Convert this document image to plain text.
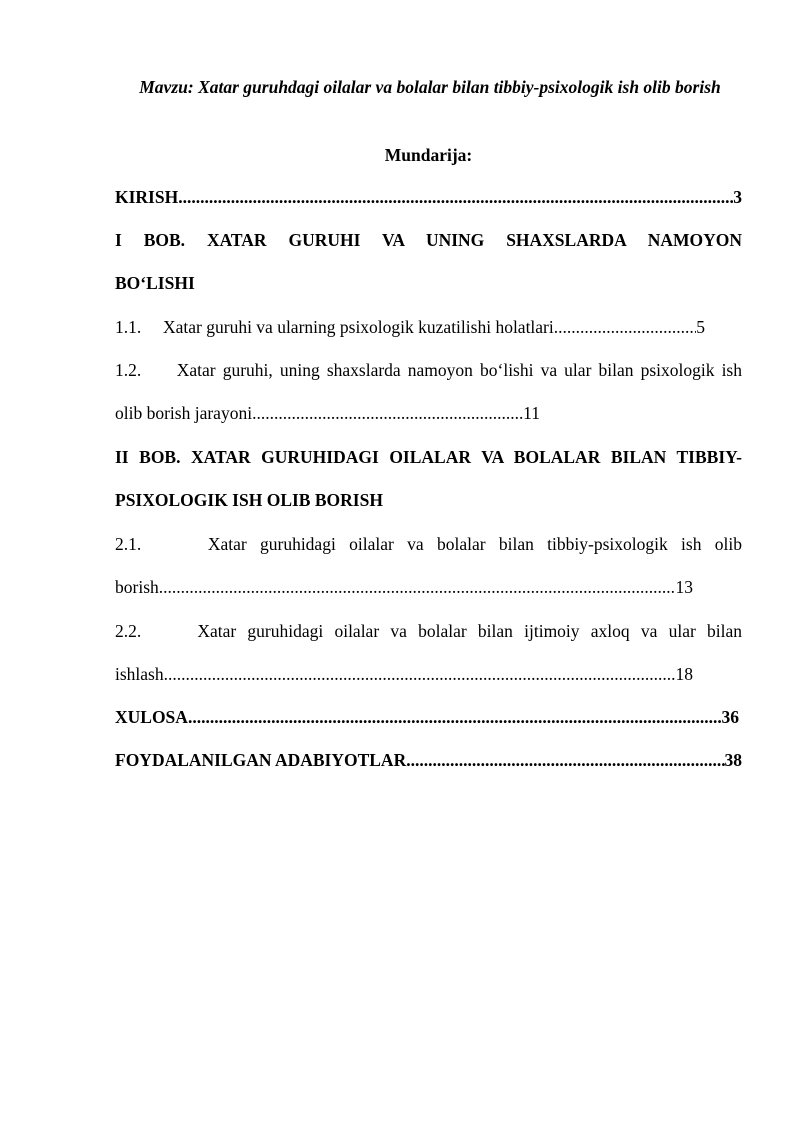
Mavzu: Xatar guruhdagi oilalar va bolalar bilan tibbiy-psixologik ish olib borish
Mundarija:
KIRISH .....	3
I BOB. XATAR GURUHI VA UNING SHAXSLARDA NAMOYON
BO‘LISHI
1.1.	Xatar guruhi va ularning psixologik kuzatilishi holatlari .....	5
1.2. Xatar guruhi, uning shaxslarda namoyon bo‘lishi va ular bilan psixologik ish
olib borish jarayoni .....	11
II BOB. XATAR GURUHIDAGI OILALAR VA BOLALAR BILAN TIBBIY-
PSIXOLOGIK ISH OLIB BORISH
2.1.	Xatar guruhidagi oilalar va bolalar bilan tibbiy-psixologik ish olib
borish .....	13
2.2.	Xatar guruhidagi oilalar va bolalar bilan ijtimoiy axloq va ular bilan
ishlash .....	18
XULOSA .....	36
FOYDALANILGAN ADABIYOTLAR .....	38
